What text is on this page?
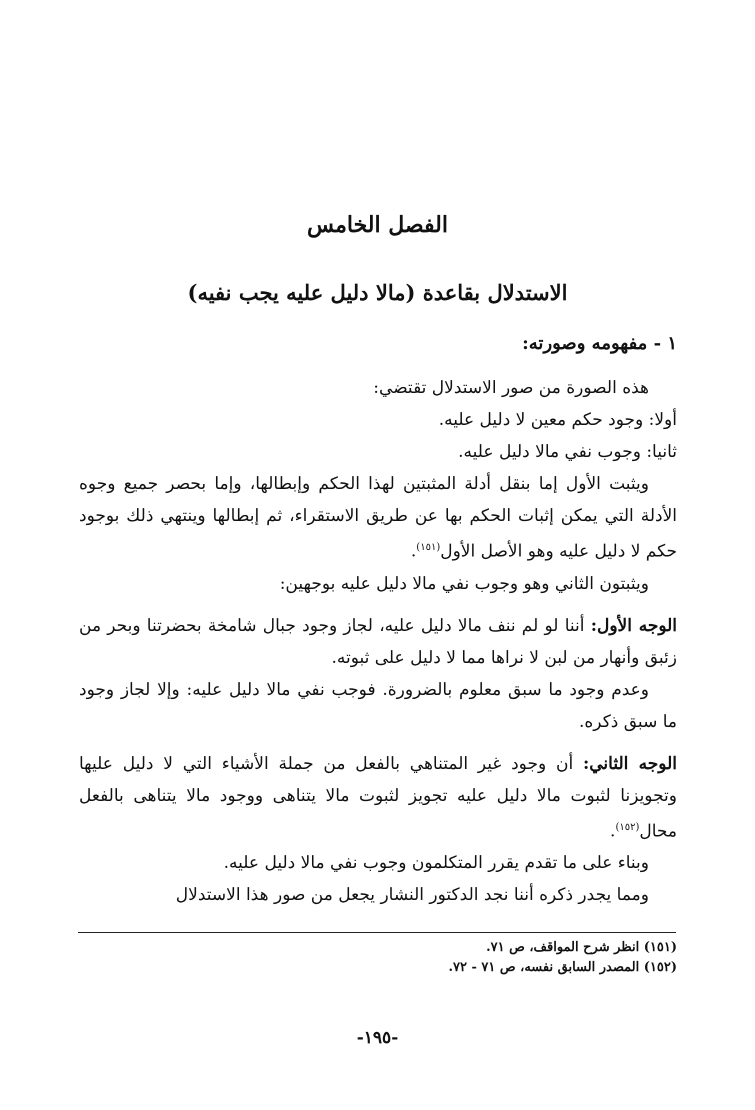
الفصل الخامس
الاستدلال بقاعدة (مالا دليل عليه يجب نفيه)
١ - مفهومه وصورته:

هذه الصورة من صور الاستدلال تقتضي:

أولا: وجود حكم معين لا دليل عليه.

ثانيا: وجوب نفي مالا دليل عليه.

ويثبت الأول إما بنقل أدلة المثبتين لهذا الحكم وإبطالها، وإما بحصر جميع وجوه الأدلة التي يمكن إثبات الحكم بها عن طريق الاستقراء، ثم إبطالها وينتهي ذلك بوجود حكم لا دليل عليه وهو الأصل الأول$^{(١٥١)}$.

ويثبتون الثاني وهو وجوب نفي مالا دليل عليه بوجهين:

الوجه الأول: أننا لو لم ننف مالا دليل عليه، لجاز وجود جبال شامخة بحضرتنا وبحر من زئبق وأنهار من لبن لا نراها مما لا دليل على ثبوته.

وعدم وجود ما سبق معلوم بالضرورة. فوجب نفي مالا دليل عليه: وإلا لجاز وجود ما سبق ذكره.

الوجه الثاني: أن وجود غير المتناهي بالفعل من جملة الأشياء التي لا دليل عليها وتجويزنا لثبوت مالا دليل عليه تجويز لثبوت مالا يتناهى ووجود مالا يتناهى بالفعل محال$^{(١٥٢)}$.

وبناء على ما تقدم يقرر المتكلمون وجوب نفي مالا دليل عليه.

ومما يجدر ذكره أننا نجد الدكتور النشار يجعل من صور هذا الاستدلال

(١٥١) انظر شرح المواقف، ص ٧١.

(١٥٢) المصدر السابق نفسه، ص ٧١ - ٧٢.

-١٩٥-
